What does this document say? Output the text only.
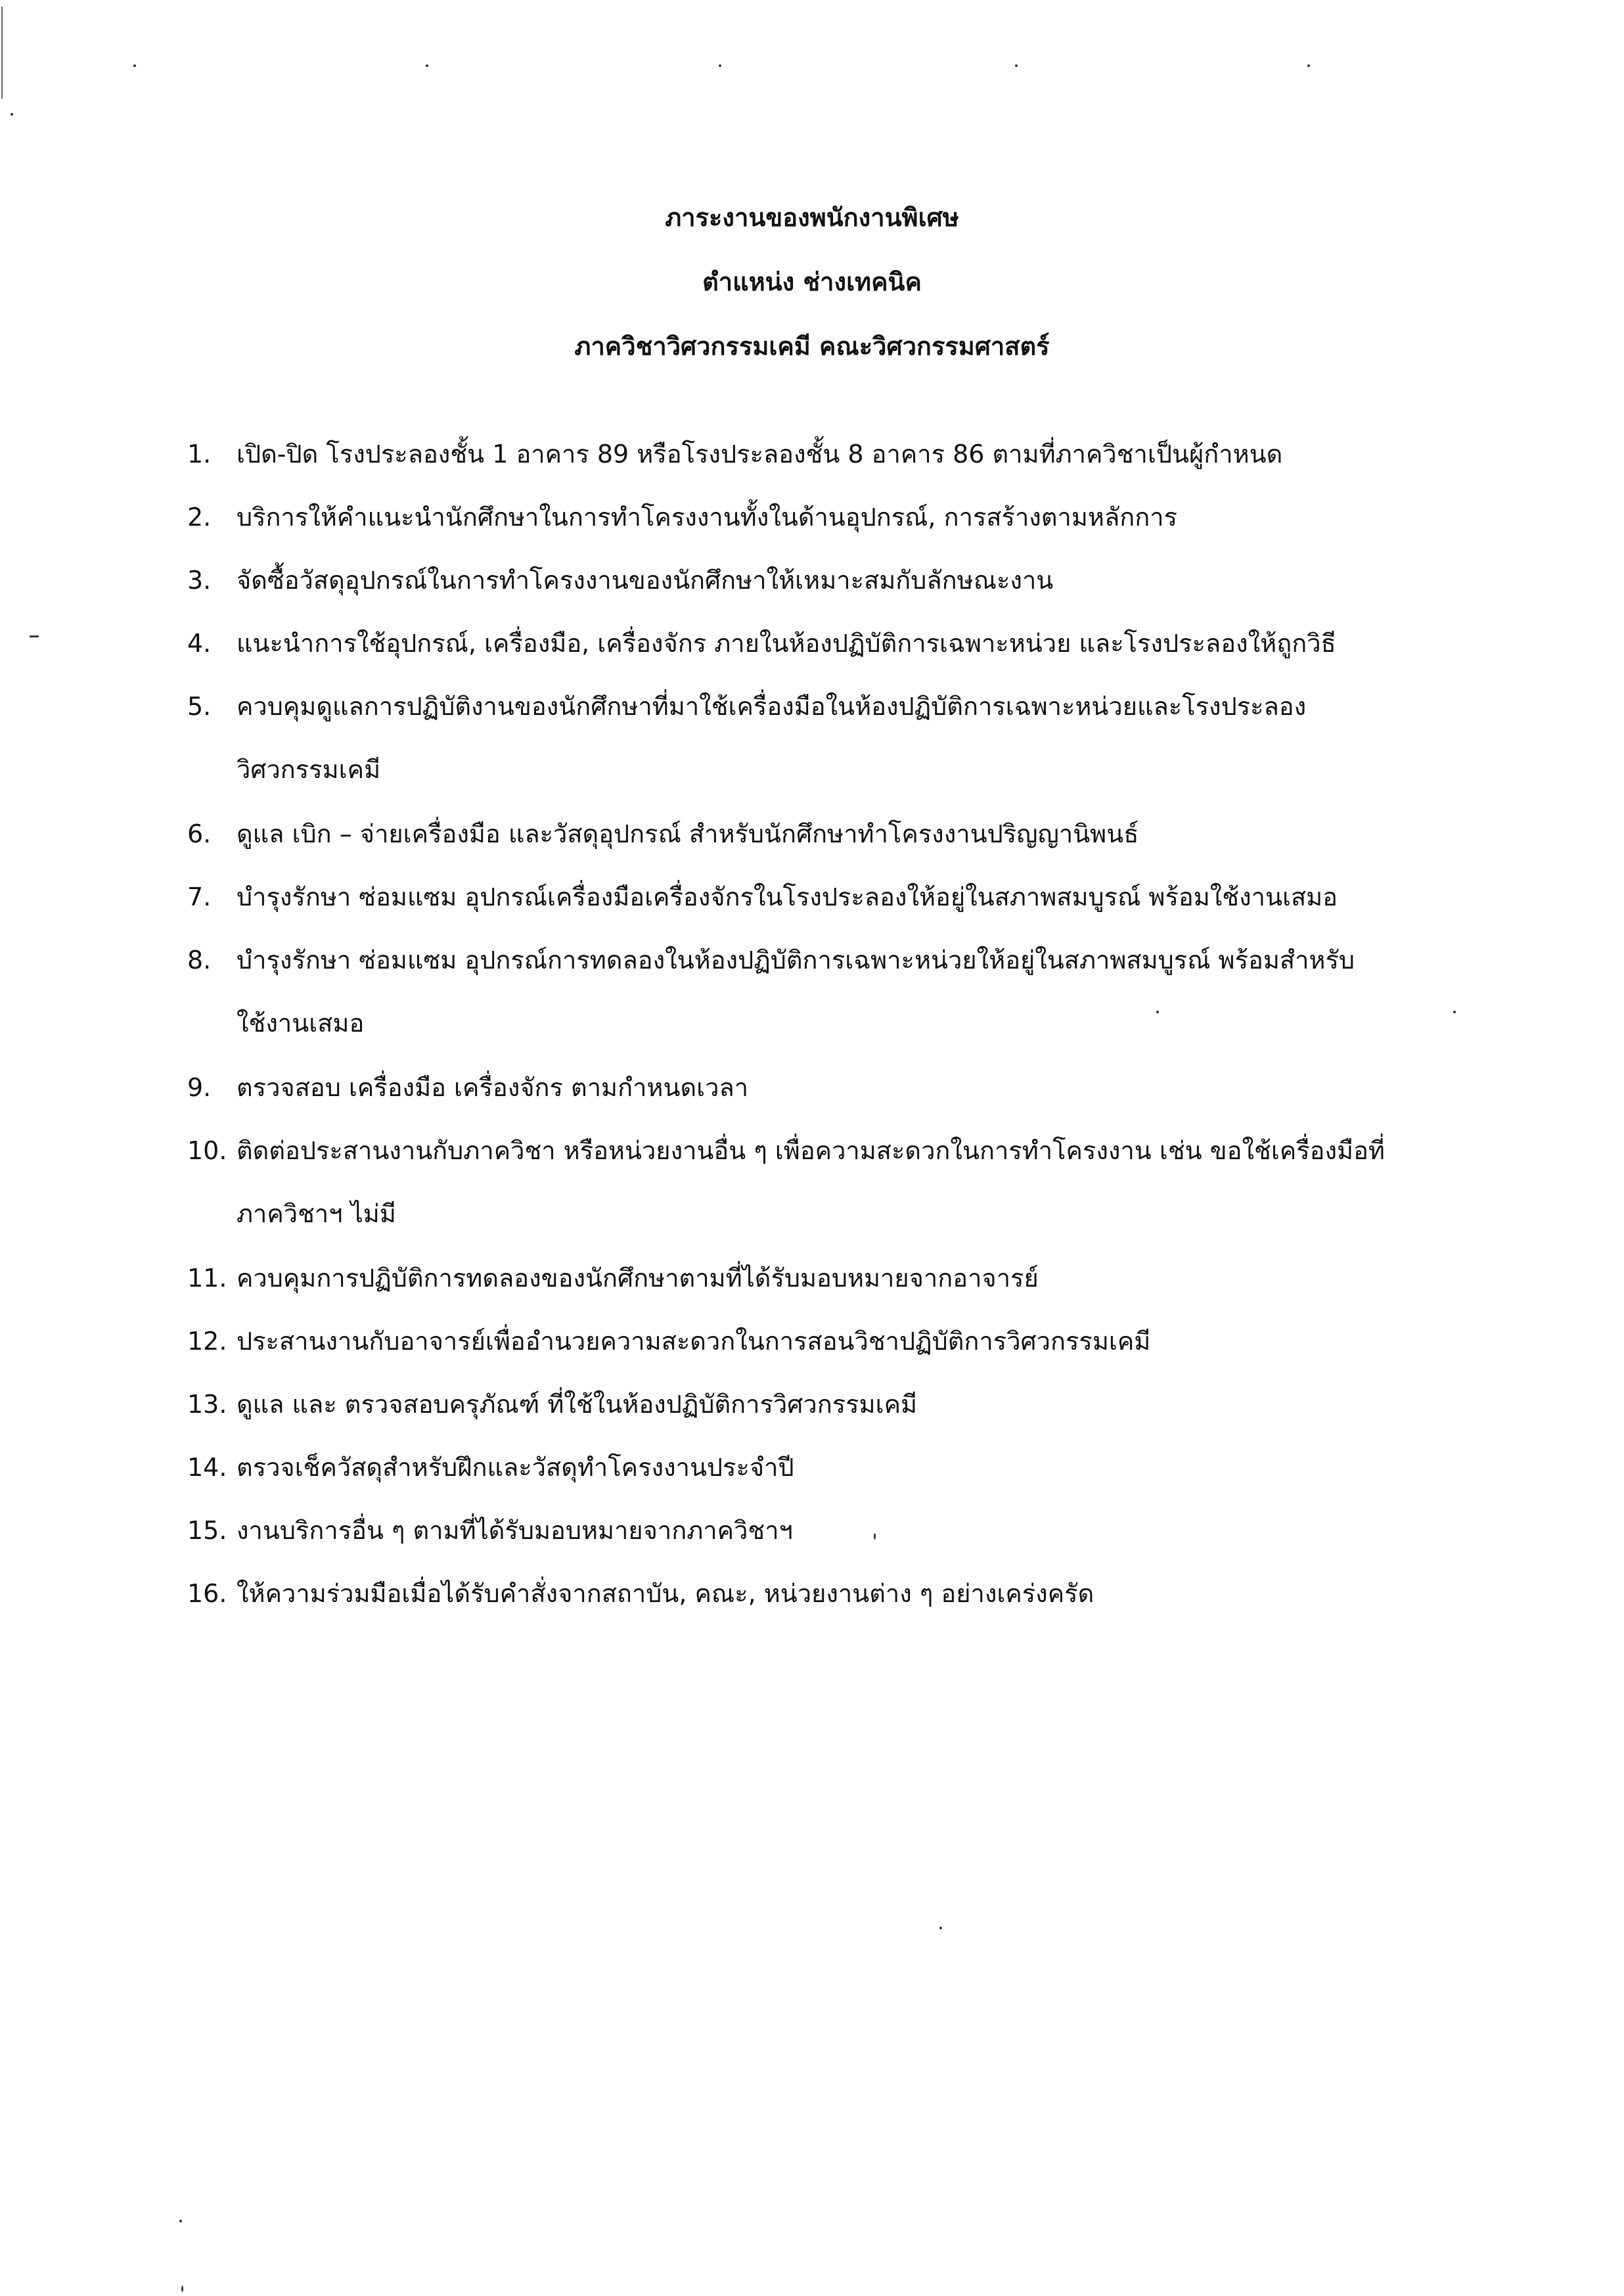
ภาระงานของพนักงานพิเศษ
ตำแหน่ง ช่างเทคนิค
ภาควิชาวิศวกรรมเคมี คณะวิศวกรรมศาสตร์
1.	เปิด-ปิด โรงประลองชั้น 1 อาคาร 89 หรือโรงประลองชั้น 8 อาคาร 86 ตามที่ภาควิชาเป็นผู้กำหนด
2.	บริการให้คำแนะนำนักศึกษาในการทำโครงงานทั้งในด้านอุปกรณ์, การสร้างตามหลักการ
3.	จัดซื้อวัสดุอุปกรณ์ในการทำโครงงานของนักศึกษาให้เหมาะสมกับลักษณะงาน
4.	แนะนำการใช้อุปกรณ์, เครื่องมือ, เครื่องจักร ภายในห้องปฏิบัติการเฉพาะหน่วย และโรงประลองให้ถูกวิธี
5.	ควบคุมดูแลการปฏิบัติงานของนักศึกษาที่มาใช้เครื่องมือในห้องปฏิบัติการเฉพาะหน่วยและโรงประลอง
วิศวกรรมเคมี
6.	ดูแล เบิก – จ่ายเครื่องมือ และวัสดุอุปกรณ์ สำหรับนักศึกษาทำโครงงานปริญญานิพนธ์
7.	บำรุงรักษา ซ่อมแซม อุปกรณ์เครื่องมือเครื่องจักรในโรงประลองให้อยู่ในสภาพสมบูรณ์ พร้อมใช้งานเสมอ
8.	บำรุงรักษา ซ่อมแซม อุปกรณ์การทดลองในห้องปฏิบัติการเฉพาะหน่วยให้อยู่ในสภาพสมบูรณ์ พร้อมสำหรับ
ใช้งานเสมอ
9.	ตรวจสอบ เครื่องมือ เครื่องจักร ตามกำหนดเวลา
10. ติดต่อประสานงานกับภาควิชา หรือหน่วยงานอื่น ๆ เพื่อความสะดวกในการทำโครงงาน เช่น ขอใช้เครื่องมือที่
ภาควิชาฯ ไม่มี
11. ควบคุมการปฏิบัติการทดลองของนักศึกษาตามที่ได้รับมอบหมายจากอาจารย์
12. ประสานงานกับอาจารย์เพื่ออำนวยความสะดวกในการสอนวิชาปฏิบัติการวิศวกรรมเคมี
13. ดูแล และ ตรวจสอบครุภัณฑ์ ที่ใช้ในห้องปฏิบัติการวิศวกรรมเคมี
14. ตรวจเช็ควัสดุสำหรับฝึกและวัสดุทำโครงงานประจำปี
15. งานบริการอื่น ๆ ตามที่ได้รับมอบหมายจากภาควิชาฯ
16. ให้ความร่วมมือเมื่อได้รับคำสั่งจากสถาบัน, คณะ, หน่วยงานต่าง ๆ อย่างเคร่งครัด
